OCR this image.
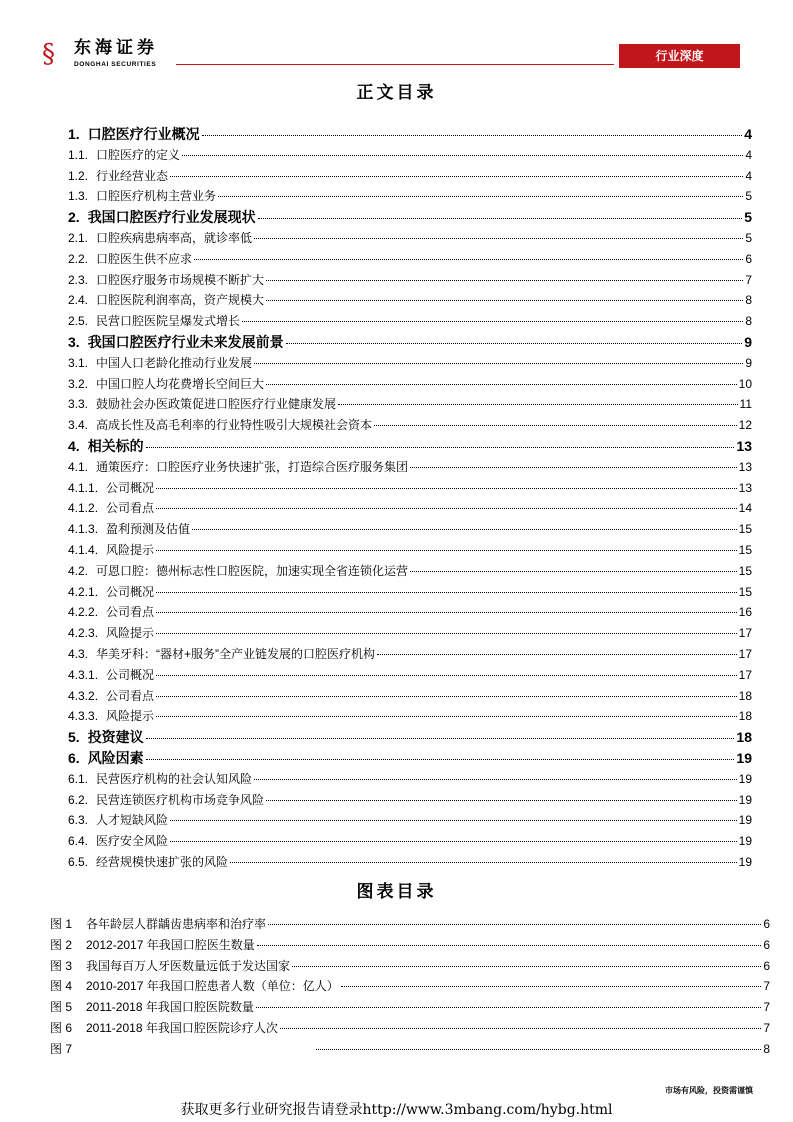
§ 东海证券
DONGHAI SECURITIES
行业深度
正文目录
1. 口腔医疗行业概况	4
1.1. 口腔医疗的定义	4
1.2. 行业经营业态	4
1.3. 口腔医疗机构主营业务	5
2. 我国口腔医疗行业发展现状	5
2.1. 口腔疾病患病率高，就诊率低	5
2.2. 口腔医生供不应求	6
2.3. 口腔医疗服务市场规模不断扩大	7
2.4. 口腔医院利润率高，资产规模大	8
2.5. 民营口腔医院呈爆发式增长	8
3. 我国口腔医疗行业未来发展前景	9
3.1. 中国人口老龄化推动行业发展	9
3.2. 中国口腔人均花费增长空间巨大	10
3.3. 鼓励社会办医政策促进口腔医疗行业健康发展	11
3.4. 高成长性及高毛利率的行业特性吸引大规模社会资本	12
4. 相关标的	13
4.1. 通策医疗：口腔医疗业务快速扩张，打造综合医疗服务集团	13
4.1.1. 公司概况	13
4.1.2. 公司看点	14
4.1.3. 盈利预测及估值	15
4.1.4. 风险提示	15
4.2. 可恩口腔：德州标志性口腔医院，加速实现全省连锁化运营	15
4.2.1. 公司概况	15
4.2.2. 公司看点	16
4.2.3. 风险提示	17
4.3. 华美牙科：“器材+服务”全产业链发展的口腔医疗机构	17
4.3.1. 公司概况	17
4.3.2. 公司看点	18
4.3.3. 风险提示	18
5. 投资建议	18
6. 风险因素	19
6.1. 民营医疗机构的社会认知风险	19
6.2. 民营连锁医疗机构市场竞争风险	19
6.3. 人才短缺风险	19
6.4. 医疗安全风险	19
6.5. 经营规模快速扩张的风险	19
图表目录
图 1	各年龄层人群龋齿患病率和治疗率	6
图 2	2012-2017 年我国口腔医生数量	6
图 3	我国每百万人牙医数量远低于发达国家	6
图 4	2010-2017 年我国口腔患者人数（单位：亿人）	7
图 5	2011-2018 年我国口腔医院数量	7
图 6	2011-2018 年我国口腔医院诊疗人次	7
图 7	8
市场有风险，投资需谨慎
获取更多行业研究报告请登录http://www.3mbang.com/hybg.html
